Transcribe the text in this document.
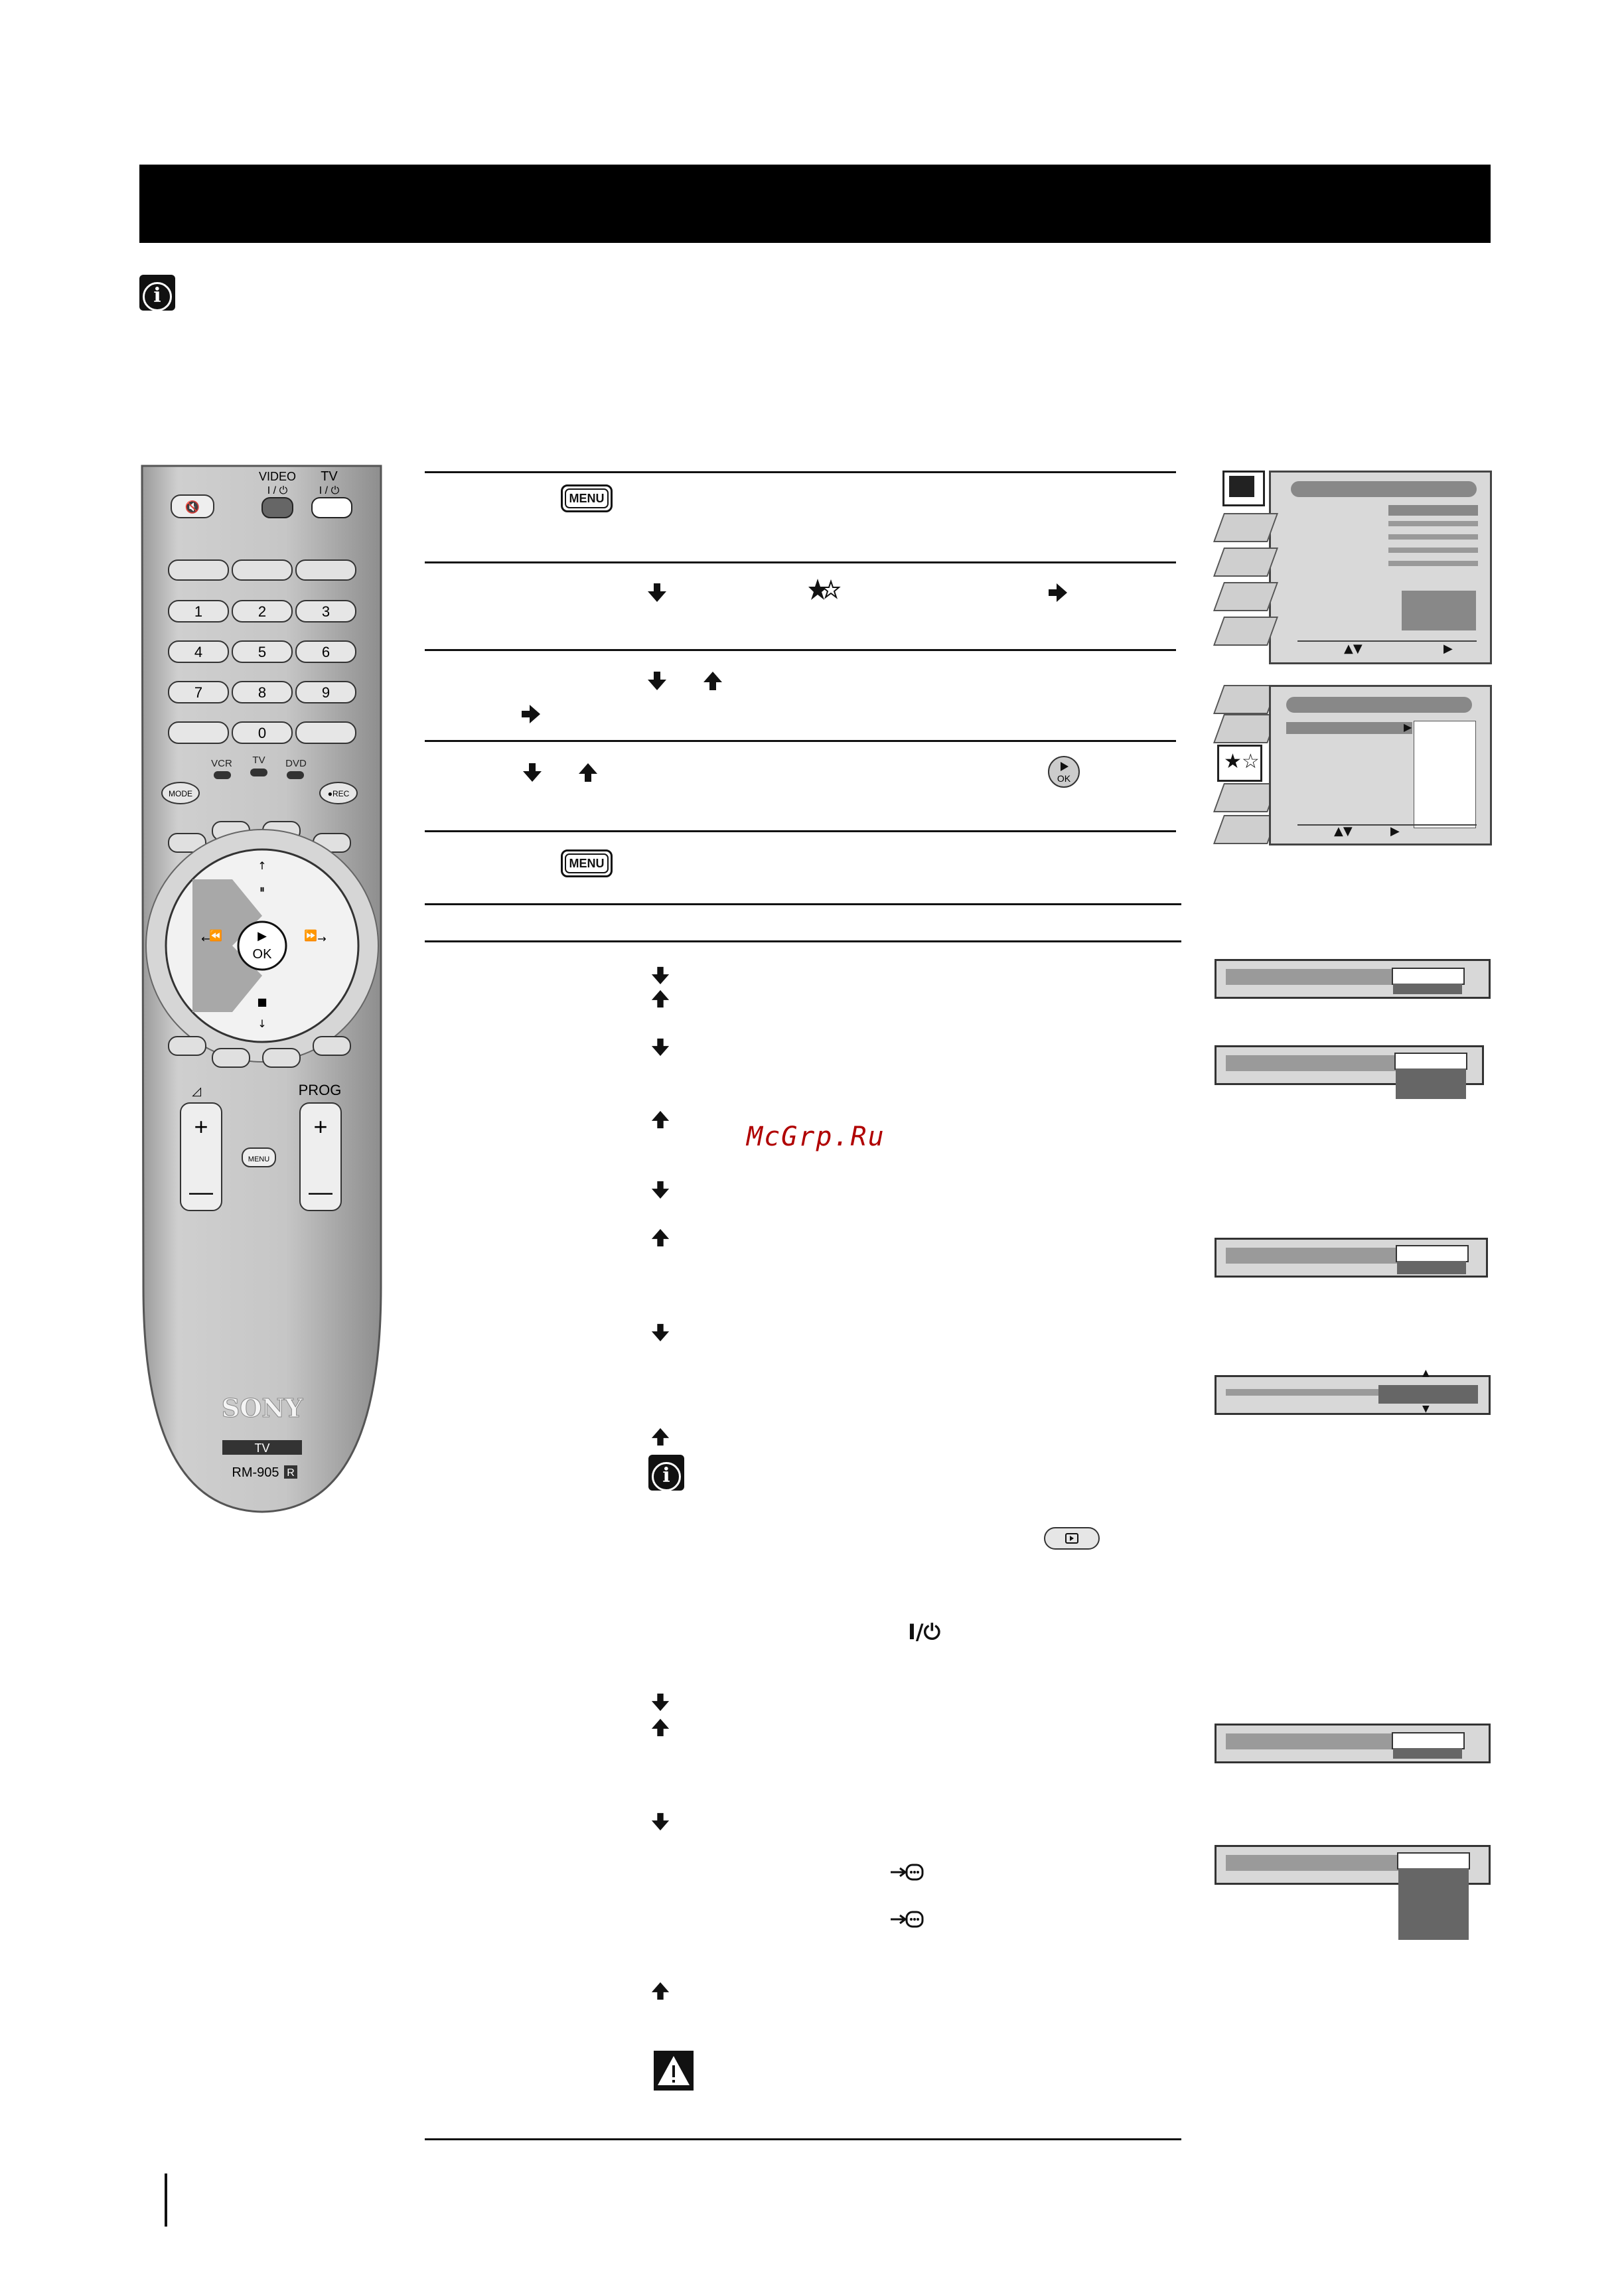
i
🔇
VIDEO
I / ⏻
TV
I / ⏻
1	2	3
4	5	6
7	8	9
0
VCR TV DVD
MODE	●REC
▶
OK
↑
⏸
■
↓
←
⏪	⏩ →
◿	PROG
+
—
+
—
MENU
SONY
TV
RM-905 R
MENU
MENU
OK
i
I/⏻
McGrp.Ru
▲▼	▶
★☆
▶
▲▼	▶
▲
▼
